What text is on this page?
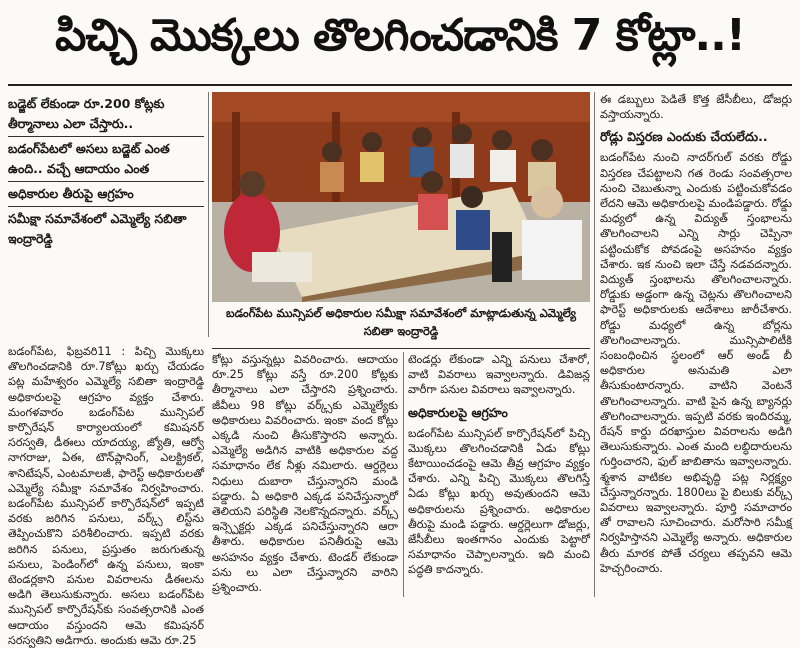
పిచ్చి మొక్కలు తొలగించడానికి 7 కోట్లా..!
బడ్జెట్ లేకుండా రూ.200 కోట్లకు తీర్మానాలు ఎలా చేస్తారు..
బడంగ్‌పేటలో అసలు బడ్జెట్ ఎంత ఉంది.. వచ్చే ఆదాయం ఎంత
అధికారుల తీరుపై ఆగ్రహం
సమీక్షా సమావేశంలో ఎమ్మెల్యే సబితా ఇంద్రారెడ్డి
బడంగ్‌పేట మున్సిపల్ అధికారుల సమీక్షా సమావేశంలో మాట్లాడుతున్న ఎమ్మెల్యే సబితా ఇంద్రారెడ్డి

బడంగ్‌పేట, ఫిబ్రవరి11 : పిచ్చి మొక్కలు తొలగించడానికి రూ.7కోట్లు ఖర్చు చేయడం పట్ల మహేశ్వరం ఎమ్మెల్యే సబితా ఇంద్రారెడ్డి అధికారులపై ఆగ్రహం వ్యక్తం చేశారు. మంగళవారం బడంగ్‌పేట మున్సిపల్ కార్పొరేషన్ కార్యాలయంలో కమిషనర్ సరస్వతి, డీఈలు యాదయ్య, జ్యోతి, ఆర్వో నాగరాజు, ఏఈ, టౌన్‌ప్లానింగ్, ఎలక్ట్రికల్, శానిటేషన్, ఎంటమాలజీ, ఫారెస్ట్ అధికారులతో ఎమ్మెల్యే సమీక్షా సమావేశం నిర్వహించారు. బడంగ్‌పేట మున్సిపల్ కార్పొరేషన్‌లో ఇప్పటి వరకు జరిగిన పనులు, వర్క్స్ లిస్ట్‌ను తెప్పించుకొని పరిశీలించారు. ఇప్పటి వరకు జరిగిన పనులు, ప్రస్తుతం జరుగుతున్న పనులు, పెండింగ్‌లో ఉన్న పనులు, ఇంకా టెండర్లకాని పనుల వివరాలను డీఈలను అడిగి తెలుసుకున్నారు. అసలు బడంగ్‌పేట మున్సిపల్ కార్పొరేషన్‌కు సంవత్సరానికి ఎంత ఆదాయం వస్తుందని ఆమె కమిషనర్ సరస్వతిని అడిగారు. అందుకు ఆమె రూ.25

కోట్లు వస్తున్నట్లు వివరించారు. ఆదాయం రూ.25 కోట్లు వస్తే రూ.200 కోట్లకు తీర్మానాలు ఎలా చేస్తారని ప్రశ్నించారు. జీవీలు 98 కోట్లు వర్క్స్‌కు ఎమ్మెల్యేకు అధికారులు వివరించారు. ఇంకా వంద కోట్లు ఎక్కడి నుంచి తీసుకొస్తారని అన్నారు. ఎమ్మెల్యే అడిగిన వాటికి అధికారుల వద్ద సమాధానం లేక నీళ్లు నమిలారు. ఆర్డర్లెలు నిధులు దుబారా చేస్తున్నారని మండి పడ్డారు. ఏ అధికారి ఎక్కడ పనిచేస్తున్నారో తెలియని పరిస్థితి నెలకొన్నదన్నారు. వర్క్స్ ఇన్స్పెక్టర్లు ఎక్కడ పనిచేస్తున్నారని ఆరా తీశారు. అధికారుల పనితీరుపై ఆమె అసహనం వ్యక్తం చేశారు. టెండర్ లేకుండా పను లు ఎలా చేస్తున్నారని వారిని ప్రశ్నించారు.

టెండర్లు లేకుండా ఎన్ని పనులు చేశారో, వాటి వివరాలు ఇవ్వాలన్నారు. డివిజన్ల వారీగా పనుల వివరాలు ఇవ్వాలన్నారు.

అధికారులపై ఆగ్రహం

బడంగ్‌పేట మున్సిపల్ కార్పొరేషన్‌లో పిచ్చి మొక్కలు తొలగించడానికి ఏడు కోట్లు కేటాయించడంపై ఆమె తీవ్ర ఆగ్రహం వ్యక్తం చేశారు. ఎన్ని పిచ్చి మొక్కలు తొలగిస్తే ఏడు కోట్లు ఖర్చు అవుతుందని ఆమె అధికారులను ప్రశ్నించారు. అధికారుల తీరుపై మండి పడ్డారు. ఆర్డర్లెలుగా డోజర్లు, జేసీబీలు ఇంతగానం ఎందుకు పెట్టారో సమాధానం చెప్పాలన్నారు. ఇది మంచి పద్ధతి కాదన్నారు.

ఈ డబ్బులు పెడితే కొత్త జేసీబీలు, డోజర్లు వస్తాయన్నారు.

రోడ్లు విస్తరణ ఎందుకు చేయలేదు..

బడంగ్‌పేట నుంచి నాదర్‌గుల్ వరకు రోడ్డు విస్తరణ చేపట్టాలని గత రెండు సంవత్సరాల నుంచి చెబుతున్నా ఎందుకు పట్టించుకోవడం లేదని ఆమె అధికారులపై మండిపడ్డారు. రోడ్డు మధ్యలో ఉన్న విద్యుత్ స్తంభాలను తొలగించాలని ఎన్ని సార్లు చెప్పినా పట్టించుకోక పోవడంపై అసహనం వ్యక్తం చేశారు. ఇక నుంచి ఇలా చేస్తే నడవదన్నారు. విద్యుత్ స్తంభాలను తొలగించాలన్నారు. రోడ్డుకు అడ్డంగా ఉన్న చెట్లను తొలగించాలని ఫారెస్ట్ అధికారులకు ఆదేశాలు జారీచేశారు. రోడ్డు మధ్యలో ఉన్న బోర్లను తొలగించాలన్నారు. మున్సిపాలిటీకి సంబంధించిన స్థలంలో ఆర్ అండ్ బీ అధికారుల అనుమతి ఎలా తీసుకుంటారన్నారు. వాటిని వెంటనే తొలగించాలన్నారు. వాటి పైన ఉన్న బ్యానర్లు తొలగించాలన్నారు. ఇప్పటి వరకు ఇందిరమ్మ, రేషన్ కార్డు దరఖాస్తుల వివరాలను అడిగి తెలుసుకున్నారు. ఎంత మంది లబ్ధిదారులను గుర్తించారని, ఫుల్ జాబితాను ఇవ్వాలన్నారు. శ్మశాన వాటికల అభివృద్ధి పట్ల నిర్లక్ష్యం చేస్తున్నారన్నారు. 1800లు పై బిలుకు వర్క్స్ వివరాలు ఇవ్వాలన్నారు. పూర్తి సమాచారం తో రావాలని సూచించారు. మరోసారి సమీక్ష నిర్వహిస్తానని ఎమ్మెల్యే అన్నారు. అధికారుల తీరు మారక పోతే చర్యలు తప్పవని ఆమె హెచ్చరించారు.
